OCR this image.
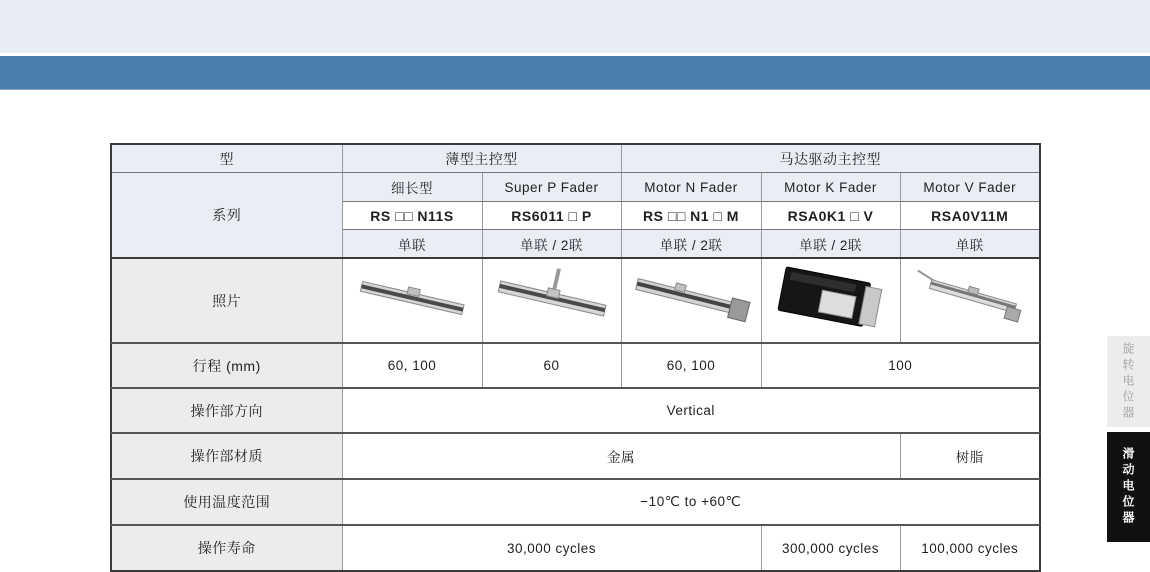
型	薄型主控型		马达驱动主控型		
系列	细长型	Super P Fader	Motor N Fader	Motor K Fader	Motor V Fader
	RS □□ N11S	RS6011 □ P	RS □□ N1 □ M	RSA0K1 □ V	RSA0V11M
	单联	单联 / 2联	单联 / 2联	单联 / 2联	单联
照片					
行程 (mm)	60, 100	60	60, 100	100	
操作部方向	Vertical				
操作部材质	金属				树脂
使用温度范围	−10℃ to +60℃				
操作寿命	30,000 cycles			300,000 cycles	100,000 cycles
旋转电位器
滑动电位器
